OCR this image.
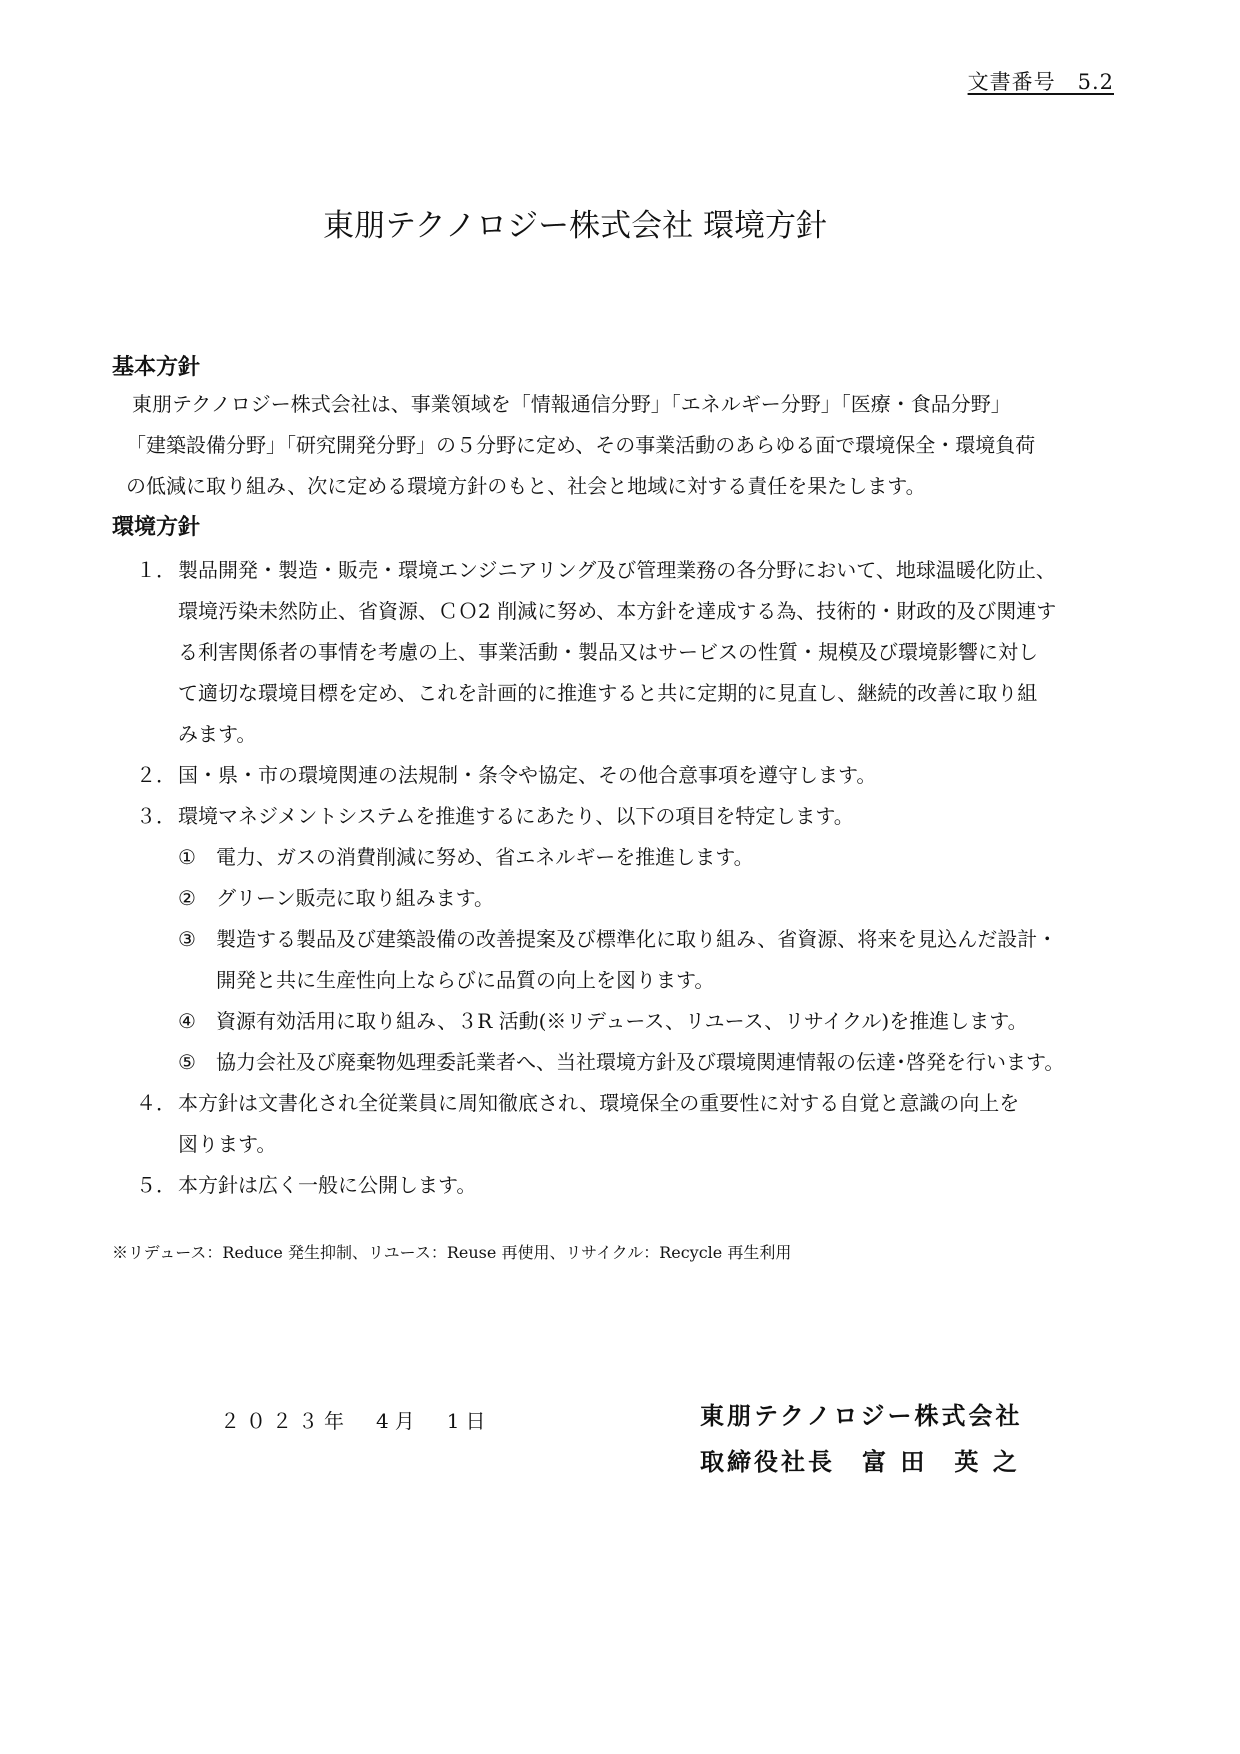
文書番号　5.2
東朋テクノロジー株式会社 環境方針
基本方針
東朋テクノロジー株式会社は、事業領域を「情報通信分野」「エネルギー分野」「医療・食品分野」
「建築設備分野」「研究開発分野」の５分野に定め、その事業活動のあらゆる面で環境保全・環境負荷
の低減に取り組み、次に定める環境方針のもと、社会と地域に対する責任を果たします。
環境方針
１． 製品開発・製造・販売・環境エンジニアリング及び管理業務の各分野において、地球温暖化防止、
環境汚染未然防止、省資源、ＣＯ2 削減に努め、本方針を達成する為、技術的・財政的及び関連す
る利害関係者の事情を考慮の上、事業活動・製品又はサービスの性質・規模及び環境影響に対し
て適切な環境目標を定め、これを計画的に推進すると共に定期的に見直し、継続的改善に取り組
みます。
２． 国・県・市の環境関連の法規制・条令や協定、その他合意事項を遵守します。
３． 環境マネジメントシステムを推進するにあたり、以下の項目を特定します。
① 電力、ガスの消費削減に努め、省エネルギーを推進します。
② グリーン販売に取り組みます。
③ 製造する製品及び建築設備の改善提案及び標準化に取り組み、省資源、将来を見込んだ設計・
開発と共に生産性向上ならびに品質の向上を図ります。
④ 資源有効活用に取り組み、３R 活動(※リデュース、リユース、リサイクル)を推進します。
⑤ 協力会社及び廃棄物処理委託業者へ、当社環境方針及び環境関連情報の伝達･啓発を行います。
４． 本方針は文書化され全従業員に周知徹底され、環境保全の重要性に対する自覚と意識の向上を
図ります。
５． 本方針は広く一般に公開します。
※リデュース：Reduce 発生抑制、リユース：Reuse 再使用、リサイクル：Recycle 再生利用
２０２３年　4月　1日	東朋テクノロジー株式会社
取締役社長　富 田　英 之
